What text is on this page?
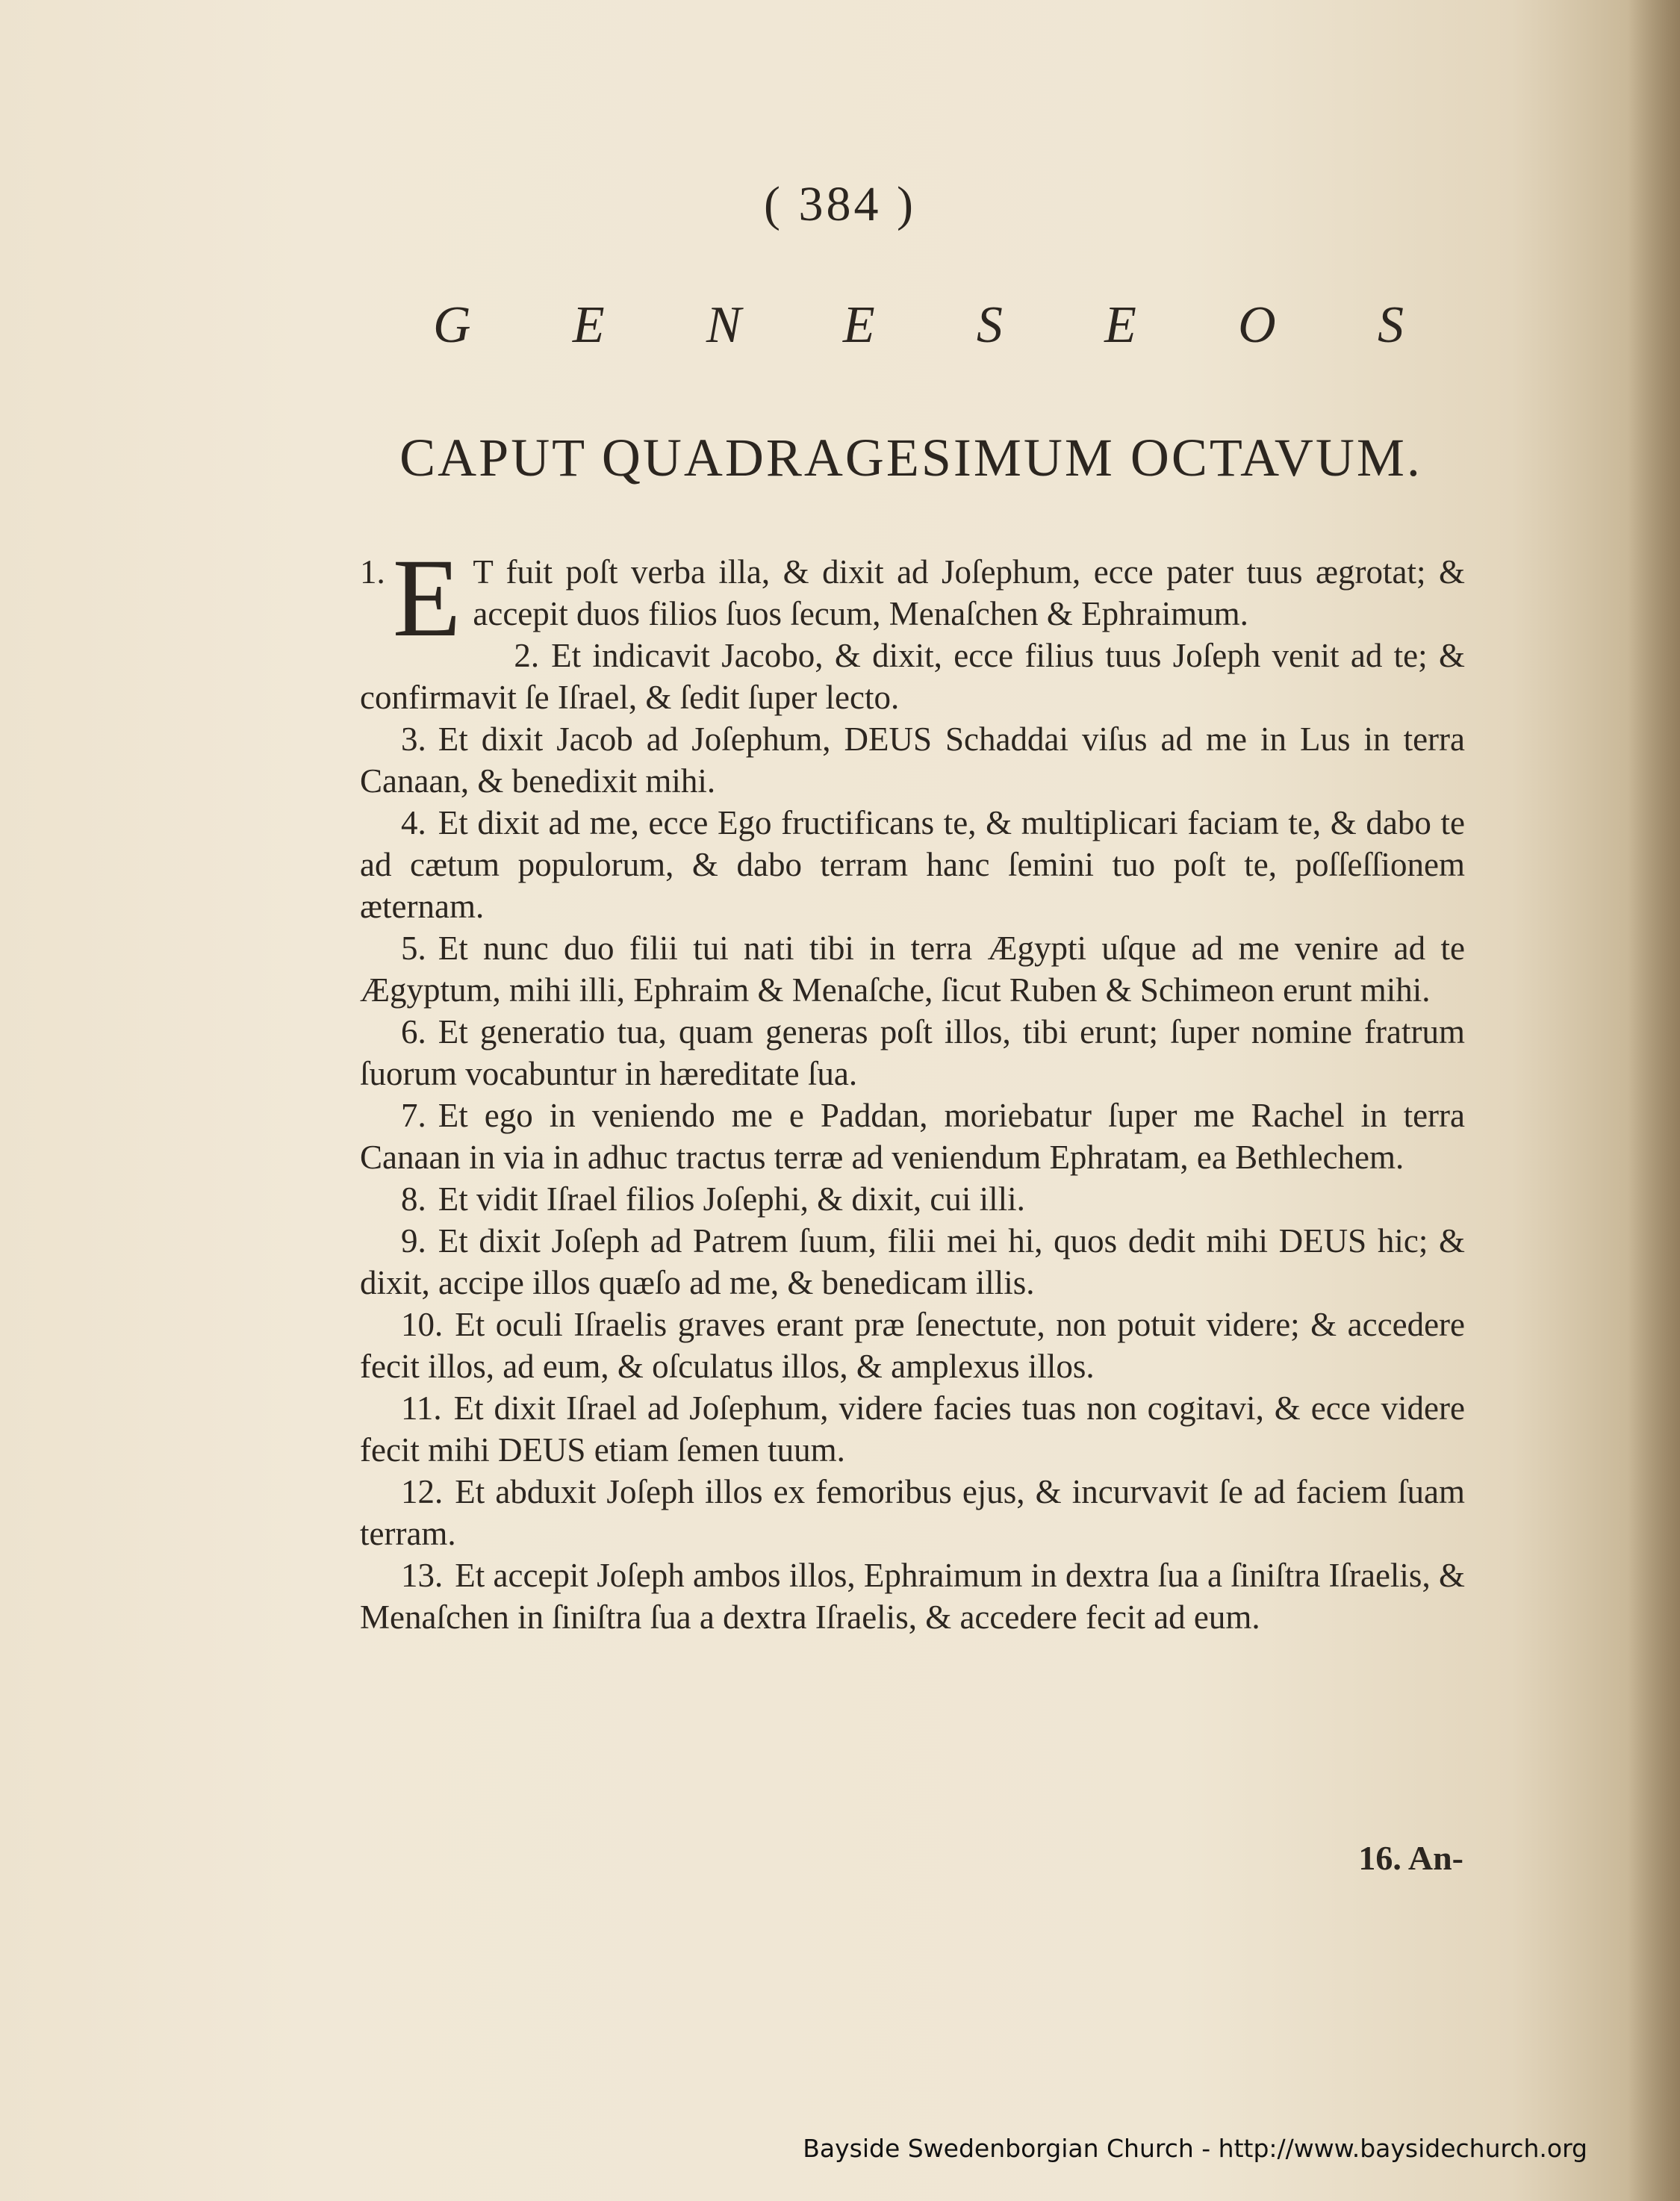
( 384 )
G E N E S E O S
CAPUT QUADRAGESIMUM OCTAVUM.

1. E T fuit poſt verba illa, & dixit ad Joſephum, ecce pater tuus ægrotat; & accepit duos filios ſuos ſecum, Menaſchen & Ephraimum.

2. Et indicavit Jacobo, & dixit, ecce filius tuus Joſeph venit ad te; & confirmavit ſe Iſrael, & ſedit ſuper lecto.

3. Et dixit Jacob ad Joſephum, DEUS Schaddai viſus ad me in Lus in terra Canaan, & benedixit mihi.

4. Et dixit ad me, ecce Ego fructificans te, & multiplicari faciam te, & dabo te ad cætum populorum, & dabo terram hanc ſemini tuo poſt te, poſſeſſionem æternam.

5. Et nunc duo filii tui nati tibi in terra Ægypti uſque ad me venire ad te Ægyptum, mihi illi, Ephraim & Menaſche, ſicut Ruben & Schimeon erunt mihi.

6. Et generatio tua, quam generas poſt illos, tibi erunt; ſuper nomine fratrum ſuorum vocabuntur in hæreditate ſua.

7. Et ego in veniendo me e Paddan, moriebatur ſuper me Rachel in terra Canaan in via in adhuc tractus terræ ad veniendum Ephratam, ea Bethlechem.

8. Et vidit Iſrael filios Joſephi, & dixit, cui illi.

9. Et dixit Joſeph ad Patrem ſuum, filii mei hi, quos dedit mihi DEUS hic; & dixit, accipe illos quæſo ad me, & benedicam illis.

10. Et oculi Iſraelis graves erant præ ſenectute, non potuit videre; & accedere fecit illos, ad eum, & oſculatus illos, & amplexus illos.

11. Et dixit Iſrael ad Joſephum, videre facies tuas non cogitavi, & ecce videre fecit mihi DEUS etiam ſemen tuum.

12. Et abduxit Joſeph illos ex femoribus ejus, & incurvavit ſe ad faciem ſuam terram.

13. Et accepit Joſeph ambos illos, Ephraimum in dextra ſua a ſiniſtra Iſraelis, & Menaſchen in ſiniſtra ſua a dextra Iſraelis, & accedere fecit ad eum.

16. An-
Bayside Swedenborgian Church - http://www.baysidechurch.org
